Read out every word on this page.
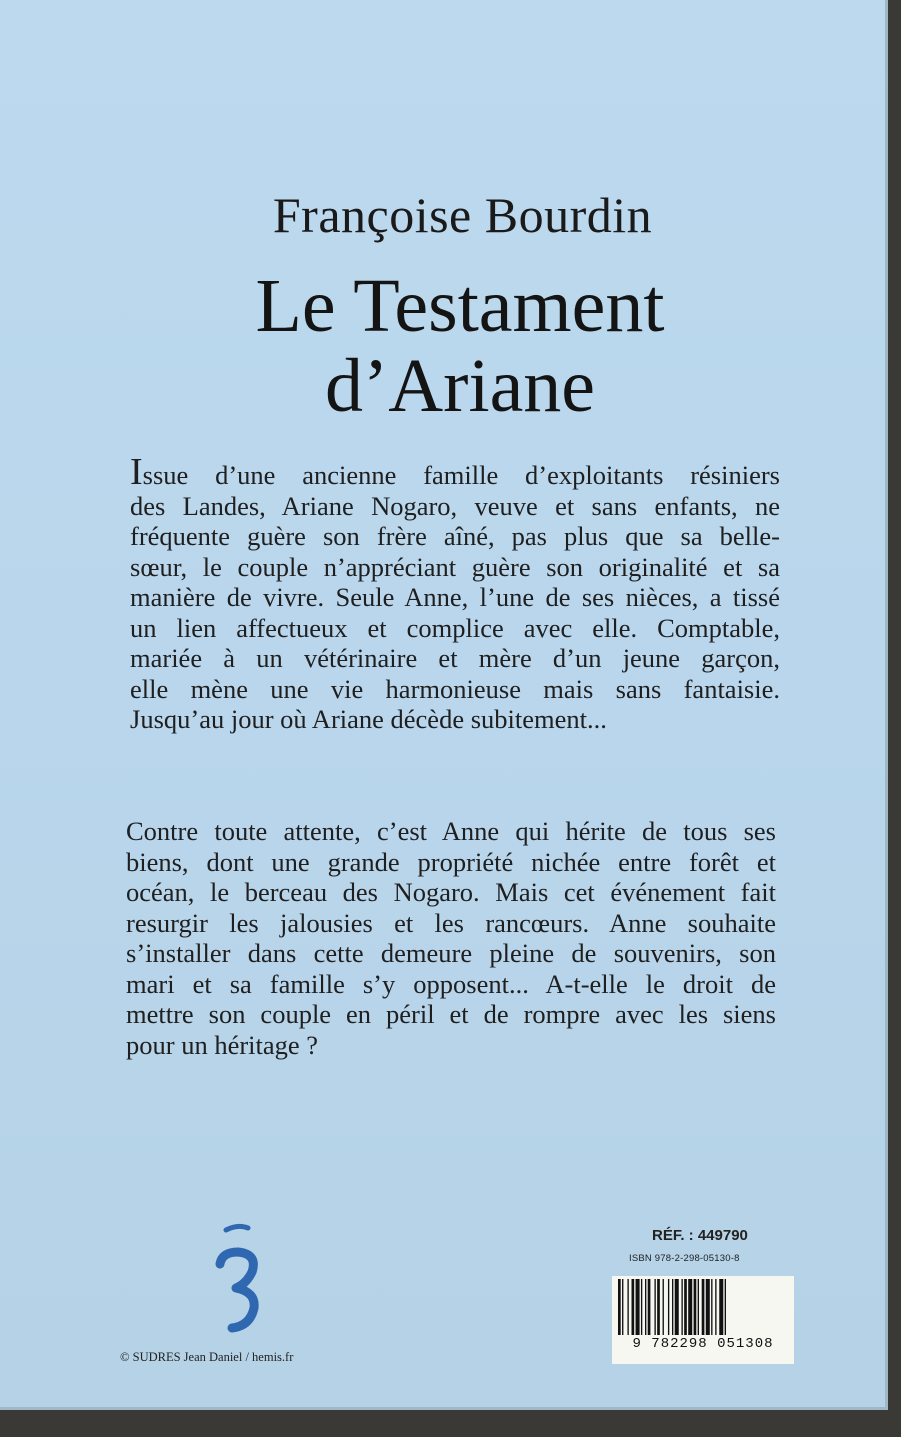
Françoise Bourdin
Le Testament
d’Ariane
Issue d’une ancienne famille d’exploitants résiniers
des Landes, Ariane Nogaro, veuve et sans enfants, ne
fréquente guère son frère aîné, pas plus que sa belle-
sœur, le couple n’appréciant guère son originalité et sa
manière de vivre. Seule Anne, l’une de ses nièces, a tissé
un lien affectueux et complice avec elle. Comptable,
mariée à un vétérinaire et mère d’un jeune garçon,
elle mène une vie harmonieuse mais sans fantaisie.
Jusqu’au jour où Ariane décède subitement...
Contre toute attente, c’est Anne qui hérite de tous ses
biens, dont une grande propriété nichée entre forêt et
océan, le berceau des Nogaro. Mais cet événement fait
resurgir les jalousies et les rancœurs. Anne souhaite
s’installer dans cette demeure pleine de souvenirs, son
mari et sa famille s’y opposent... A-t-elle le droit de
mettre son couple en péril et de rompre avec les siens
pour un héritage ?
© SUDRES Jean Daniel / hemis.fr
RÉF. : 449790
ISBN 978-2-298-05130-8
9 782298 051308
